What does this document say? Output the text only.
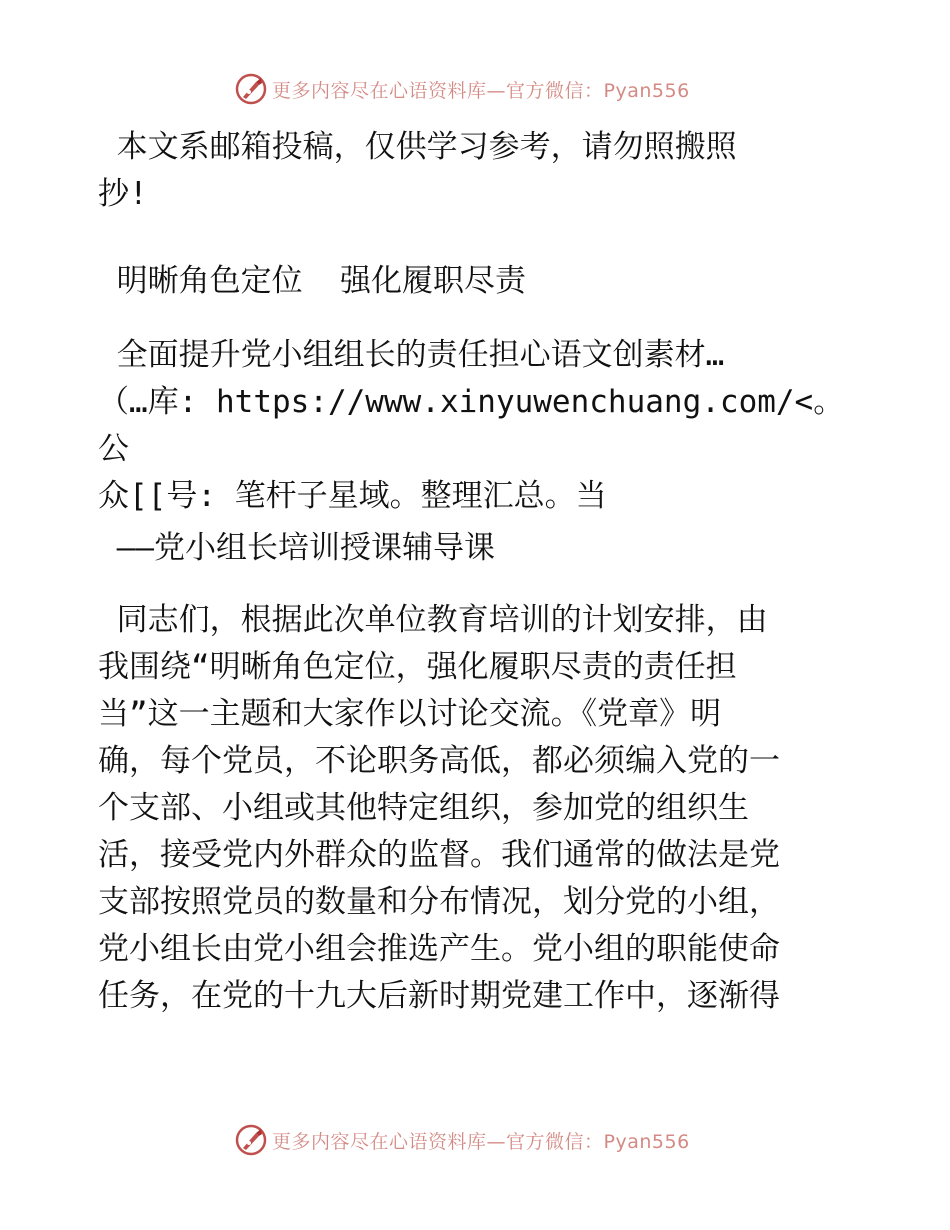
更多内容尽在心语资料库—官方微信：Pyan556
本文系邮箱投稿，仅供学习参考，请勿照搬照
抄!
明晰角色定位  强化履职尽责
全面提升党小组组长的责任担心语文创素材…
（…库: https://www.xinyuwenchuang.com/<。公
众[[号: 笔杆子星域。整理汇总。当
——党小组长培训授课辅导课
同志们，根据此次单位教育培训的计划安排，由
我围绕“明晰角色定位，强化履职尽责的责任担
当”这一主题和大家作以讨论交流。《党章》明
确，每个党员，不论职务高低，都必须编入党的一
个支部、小组或其他特定组织，参加党的组织生
活，接受党内外群众的监督。我们通常的做法是党
支部按照党员的数量和分布情况，划分党的小组，
党小组长由党小组会推选产生。党小组的职能使命
任务，在党的十九大后新时期党建工作中，逐渐得
更多内容尽在心语资料库—官方微信：Pyan556
